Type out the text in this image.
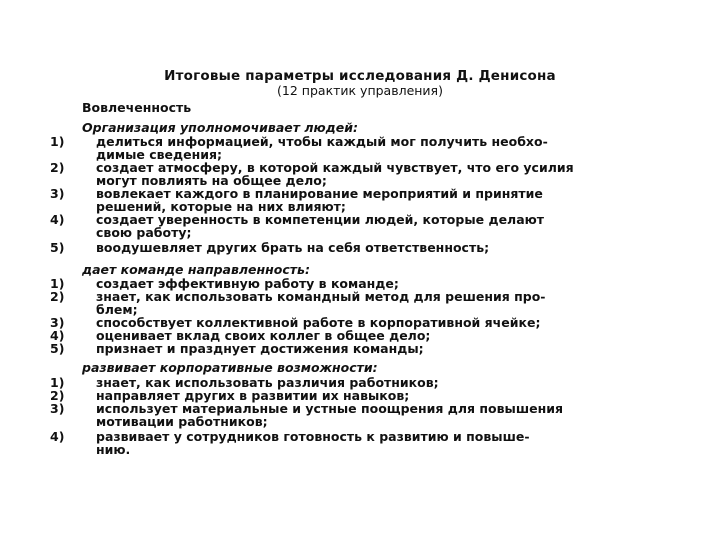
Итоговые параметры исследования Д. Денисона
(12 практик управления)
Вовлеченность
Организация уполномочивает людей:
1)	делиться информацией, чтобы каждый мог получить необхо-
димые сведения;
2)	создает атмосферу, в которой каждый чувствует, что его усилия
могут повлиять на общее дело;
3)	вовлекает каждого в планирование мероприятий и принятие
решений, которые на них влияют;
4)	создает уверенность в компетенции людей, которые делают
свою работу;
5)	воодушевляет других брать на себя ответственность;
дает команде направленность:
1)	создает эффективную работу в команде;
2)	знает, как использовать командный метод для решения про-
блем;
3)	способствует коллективной работе в корпоративной ячейке;
4)	оценивает вклад своих коллег в общее дело;
5)	признает и празднует достижения команды;
развивает корпоративные возможности:
1)	знает, как использовать различия работников;
2)	направляет других в развитии их навыков;
3)	использует материальные и устные поощрения для повышения
мотивации работников;
4)	развивает у сотрудников готовность к развитию и повыше-
нию.
